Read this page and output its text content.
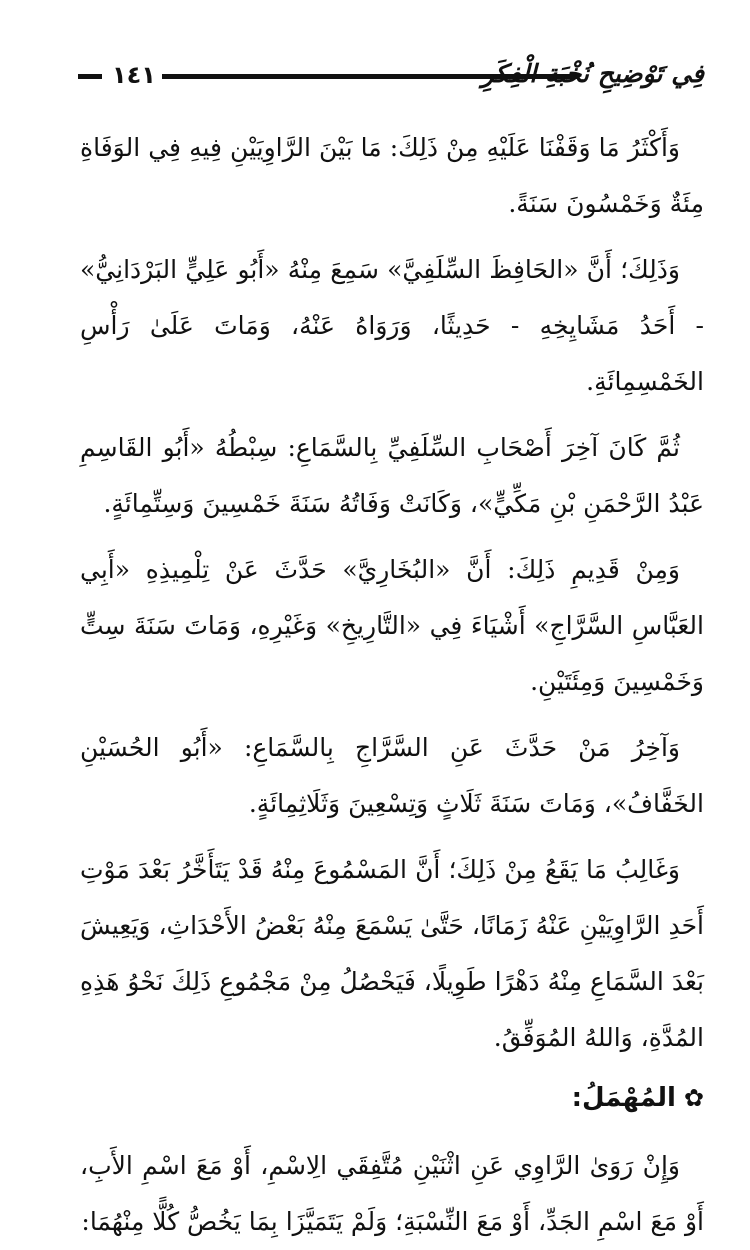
١٤١	فِي تَوْضِيحِ نُخْبَةِ الْفِكَرِ

وَأَكْثَرُ مَا وَقَفْنَا عَلَيْهِ مِنْ ذَلِكَ: مَا بَيْنَ الرَّاوِيَيْنِ فِيهِ فِي الوَفَاةِ مِئَةٌ وَخَمْسُونَ سَنَةً.

وَذَلِكَ؛ أَنَّ «الحَافِظَ السِّلَفِيَّ» سَمِعَ مِنْهُ «أَبُو عَلِيٍّ البَرْدَانِيُّ» - أَحَدُ مَشَايِخِهِ - حَدِيثًا، وَرَوَاهُ عَنْهُ، وَمَاتَ عَلَىٰ رَأْسِ الخَمْسِمِائَةِ.

ثُمَّ كَانَ آخِرَ أَصْحَابِ السِّلَفِيِّ بِالسَّمَاعِ: سِبْطُهُ «أَبُو القَاسِمِ عَبْدُ الرَّحْمَنِ بْنِ مَكِّيٍّ»، وَكَانَتْ وَفَاتُهُ سَنَةَ خَمْسِينَ وَسِتِّمِائَةٍ.

وَمِنْ قَدِيمِ ذَلِكَ: أَنَّ «البُخَارِيَّ» حَدَّثَ عَنْ تِلْمِيذِهِ «أَبِي العَبَّاسِ السَّرَّاجِ» أَشْيَاءَ فِي «التَّارِيخِ» وَغَيْرِهِ، وَمَاتَ سَنَةَ سِتٍّ وَخَمْسِينَ وَمِئَتَيْنِ.

وَآخِرُ مَنْ حَدَّثَ عَنِ السَّرَّاجِ بِالسَّمَاعِ: «أَبُو الحُسَيْنِ الخَفَّافُ»، وَمَاتَ سَنَةَ ثَلَاثٍ وَتِسْعِينَ وَثَلَاثِمِائَةٍ.

وَغَالِبُ مَا يَقَعُ مِنْ ذَلِكَ؛ أَنَّ المَسْمُوعَ مِنْهُ قَدْ يَتَأَخَّرُ بَعْدَ مَوْتِ أَحَدِ الرَّاوِيَيْنِ عَنْهُ زَمَانًا، حَتَّىٰ يَسْمَعَ مِنْهُ بَعْضُ الأَحْدَاثِ، وَيَعِيشَ بَعْدَ السَّمَاعِ مِنْهُ دَهْرًا طَوِيلًا، فَيَحْصُلُ مِنْ مَجْمُوعِ ذَلِكَ نَحْوُ هَذِهِ المُدَّةِ، وَاللهُ المُوَفِّقُ.

✿المُهْمَلُ:

وَإِنْ رَوَىٰ الرَّاوِي عَنِ اثْنَيْنِ مُتَّفِقَي الِاسْمِ، أَوْ مَعَ اسْمِ الأَبِ، أَوْ مَعَ اسْمِ الجَدِّ، أَوْ مَعَ النِّسْبَةِ؛ وَلَمْ يَتَمَيَّزَا بِمَا يَخُصُّ كُلًّا مِنْهُمَا:
